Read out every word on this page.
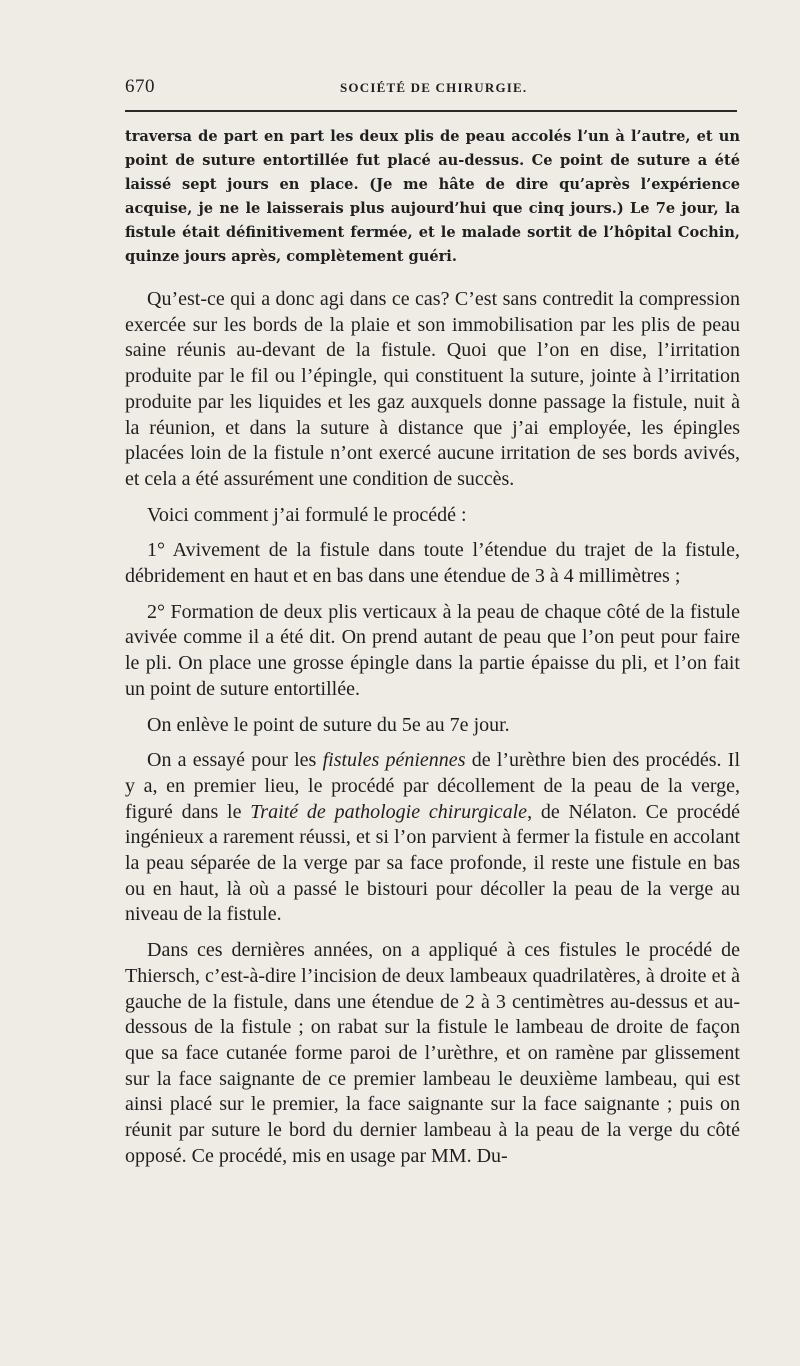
670	SOCIÉTÉ DE CHIRURGIE.
traversa de part en part les deux plis de peau accolés l’un à l’autre, et un point de suture entortillée fut placé au-dessus. Ce point de suture a été laissé sept jours en place. (Je me hâte de dire qu’après l’expérience acquise, je ne le laisserais plus aujourd’hui que cinq jours.) Le 7e jour, la fistule était définitivement fermée, et le malade sortit de l’hôpital Cochin, quinze jours après, complètement guéri.

Qu’est-ce qui a donc agi dans ce cas? C’est sans contredit la compression exercée sur les bords de la plaie et son immobilisation par les plis de peau saine réunis au-devant de la fistule. Quoi que l’on en dise, l’irritation produite par le fil ou l’épingle, qui constituent la suture, jointe à l’irritation produite par les liquides et les gaz auxquels donne passage la fistule, nuit à la réunion, et dans la suture à distance que j’ai employée, les épingles placées loin de la fistule n’ont exercé aucune irritation de ses bords avivés, et cela a été assurément une condition de succès.

Voici comment j’ai formulé le procédé :

1° Avivement de la fistule dans toute l’étendue du trajet de la fistule, débridement en haut et en bas dans une étendue de 3 à 4 millimètres ;

2° Formation de deux plis verticaux à la peau de chaque côté de la fistule avivée comme il a été dit. On prend autant de peau que l’on peut pour faire le pli. On place une grosse épingle dans la partie épaisse du pli, et l’on fait un point de suture entortillée.

On enlève le point de suture du 5e au 7e jour.

On a essayé pour les fistules péniennes de l’urèthre bien des procédés. Il y a, en premier lieu, le procédé par décollement de la peau de la verge, figuré dans le Traité de pathologie chirurgicale, de Nélaton. Ce procédé ingénieux a rarement réussi, et si l’on parvient à fermer la fistule en accolant la peau séparée de la verge par sa face profonde, il reste une fistule en bas ou en haut, là où a passé le bistouri pour décoller la peau de la verge au niveau de la fistule.

Dans ces dernières années, on a appliqué à ces fistules le procédé de Thiersch, c’est-à-dire l’incision de deux lambeaux quadrilatères, à droite et à gauche de la fistule, dans une étendue de 2 à 3 centimètres au-dessus et au-dessous de la fistule ; on rabat sur la fistule le lambeau de droite de façon que sa face cutanée forme paroi de l’urèthre, et on ramène par glissement sur la face saignante de ce premier lambeau le deuxième lambeau, qui est ainsi placé sur le premier, la face saignante sur la face saignante ; puis on réunit par suture le bord du dernier lambeau à la peau de la verge du côté opposé. Ce procédé, mis en usage par MM. Du-
